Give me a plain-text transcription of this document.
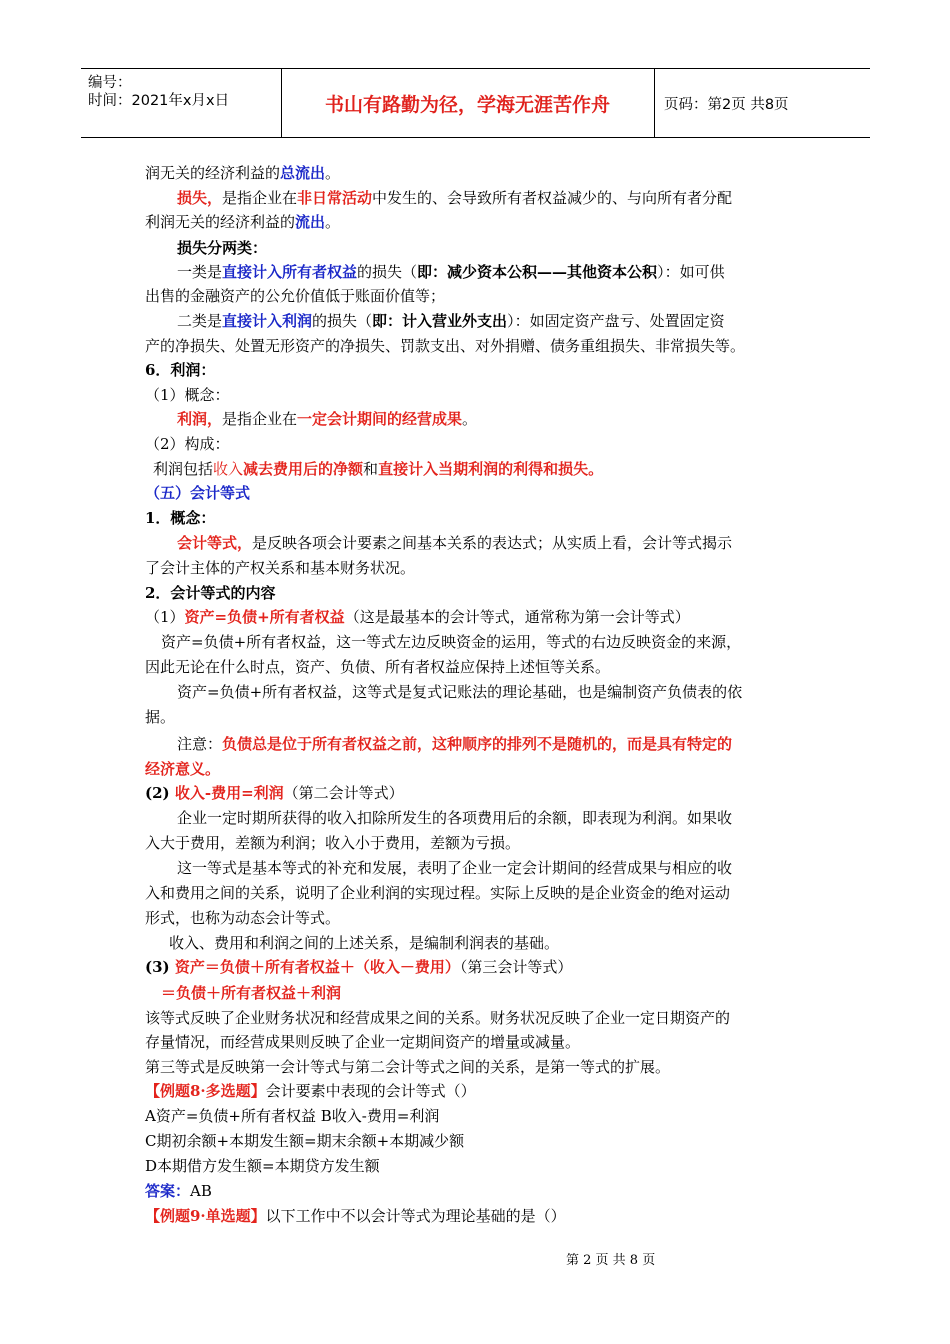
编号：
时间：2021年x月x日	书山有路勤为径，学海无涯苦作舟	页码：第2页 共8页
润无关的经济利益的总流出。
损失，是指企业在非日常活动中发生的、会导致所有者权益减少的、与向所有者分配
利润无关的经济利益的流出。
损失分两类：
一类是直接计入所有者权益的损失（即：减少资本公积——其他资本公积）：如可供
出售的金融资产的公允价值低于账面价值等；
二类是直接计入利润的损失（即：计入营业外支出）：如固定资产盘亏、处置固定资
产的净损失、处置无形资产的净损失、罚款支出、对外捐赠、债务重组损失、非常损失等。
6．利润：
（1）概念：
利润，是指企业在一定会计期间的经营成果。
（2）构成：
利润包括收入减去费用后的净额和直接计入当期利润的利得和损失。
（五）会计等式
1．概念：
会计等式，是反映各项会计要素之间基本关系的表达式；从实质上看，会计等式揭示
了会计主体的产权关系和基本财务状况。
2．会计等式的内容
（1）资产=负债+所有者权益（这是最基本的会计等式，通常称为第一会计等式）
资产=负债+所有者权益，这一等式左边反映资金的运用，等式的右边反映资金的来源，
因此无论在什么时点，资产、负债、所有者权益应保持上述恒等关系。
资产=负债+所有者权益，这等式是复式记账法的理论基础，也是编制资产负债表的依
据。
注意：负债总是位于所有者权益之前，这种顺序的排列不是随机的，而是具有特定的
经济意义。
(2) 收入-费用=利润（第二会计等式）
企业一定时期所获得的收入扣除所发生的各项费用后的余额，即表现为利润。如果收
入大于费用，差额为利润；收入小于费用，差额为亏损。
这一等式是基本等式的补充和发展，表明了企业一定会计期间的经营成果与相应的收
入和费用之间的关系，说明了企业利润的实现过程。实际上反映的是企业资金的绝对运动
形式，也称为动态会计等式。
收入、费用和利润之间的上述关系，是编制利润表的基础。
(3) 资产＝负债＋所有者权益＋（收入－费用）（第三会计等式）
＝负债＋所有者权益＋利润
该等式反映了企业财务状况和经营成果之间的关系。财务状况反映了企业一定日期资产的
存量情况，而经营成果则反映了企业一定期间资产的增量或减量。
第三等式是反映第一会计等式与第二会计等式之间的关系，是第一等式的扩展。
【例题8·多选题】会计要素中表现的会计等式（）
A资产=负债+所有者权益 B收入-费用=利润
C期初余额+本期发生额=期末余额+本期减少额
D本期借方发生额=本期贷方发生额
答案：AB
【例题9·单选题】以下工作中不以会计等式为理论基础的是（）
第 2 页 共 8 页
